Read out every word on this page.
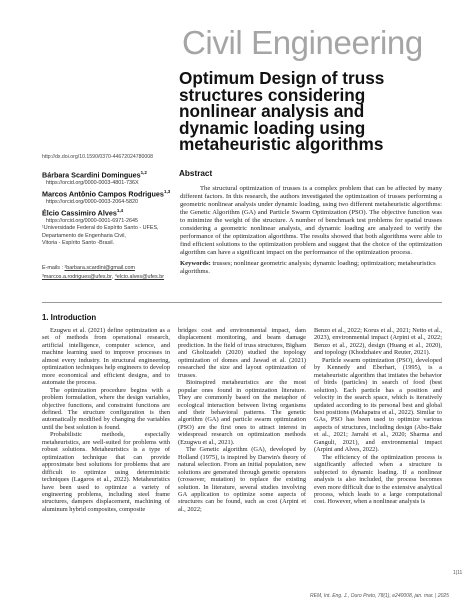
Civil Engineering
Optimum Design of truss structures considering nonlinear analysis and dynamic loading using metaheuristic algorithms
http://dx.doi.org/10.1590/0370-44672024780008
Bárbara Scardini Domingues$^{1,2}$
https://orcid.org/0000-0003-4801-736X
Marcos Antônio Campos Rodrigues$^{1,3}$
https://orcid.org/0000-0003-2064-5820
Élcio Cassimiro Alves$^{1,4}$
https://orcid.org/0000-0001-6971-2645
¹Universidade Federal do Espírito Santo - UFES,
Departamento de Engenharia Civil,
Vitoria - Espírito Santo -Brasil.
E-mails : ²barbara.scardini@gmail.com
³marcos.a.rodrigues@ufes.br, ⁴elcio.alves@ufes.br
Abstract
The structural optimization of trusses is a complex problem that can be affected by many different factors. In this research, the authors investigated the optimization of trusses performing a geometric nonlinear analysis under dynamic loading, using two different metaheuristic algorithms: the Genetic Algorithm (GA) and Particle Swarm Optimization (PSO). The objective function was to minimize the weight of the structure. A number of benchmark test problems for spatial trusses considering a geometric nonlinear analysis, and dynamic loading are analyzed to verify the performance of the optimization algorithms. The results showed that both algorithms were able to find efficient solutions to the optimization problem and suggest that the choice of the optimization algorithm can have a significant impact on the performance of the optimization process.
Keywords: trusses; nonlinear geometric analysis; dynamic loading; optimization; metaheuristics algorithms.
1. Introduction

Ezugwu et al. (2021) define optimization as a set of methods from operational research, artificial intelligence, computer science, and machine learning used to improve processes in almost every industry. In structural engineering, optimization techniques help engineers to develop more economical and efficient designs, and to automate the process.

The optimization procedure begins with a problem formulation, where the design variables, objective functions, and constraint functions are defined. The structure configuration is then automatically modified by changing the variables until the best solution is found.

Probabilistic methods, especially metaheuristics, are well-suited for problems with robust solutions. Metaheuristics is a type of optimization technique that can provide approximate best solutions for problems that are difficult to optimize using deterministic techniques (Lagaros et al., 2022). Metaheuristics have been used to optimize a variety of engineering problems, including steel frame structures, dampers displacement, machining of aluminum hybrid composites, composite

bridges cost and environmental impact, dam displacement monitoring, and beam damage prediction. In the field of truss structures, Bigham and Gholizadeh (2020) studied the topology optimization of domes and Jawad et al. (2021) researched the size and layout optimization of trusses.

Bioinspired metaheuristics are the most popular ones found in optimization literature. They are commonly based on the metaphor of ecological interaction between living organisms and their behavioral patterns. The genetic algorithm (GA) and particle swarm optimization (PSO) are the first ones to attract interest in widespread research on optimization methods (Ezugwu et al., 2021).

The Genetic algorithm (GA), developed by Holland (1975), is inspired by Darwin's theory of natural selection. From an initial population, new solutions are generated through genetic operators (crossover, mutation) to replace the existing solution. In literature, several studies involving GA application to optimize some aspects of structures can be found, such as cost (Arpini et al., 2022;

Benzo et al., 2022; Korus et al., 2021; Netto et al., 2023), environmental impact (Arpini et al., 2022; Benzo et al., 2022), design (Huang et al., 2020), and topology (Khodzhaiev and Reuter, 2021).

Particle swarm optimization (PSO), developed by Kennedy and Eberhart, (1995), is a metaheuristic algorithm that imitates the behavior of birds (particles) in search of food (best solution). Each particle has a position and velocity in the search space, which is iteratively updated according to its personal best and global best positions (Mahapatra et al., 2022). Similar to GAs, PSO has been used to optimize various aspects of structures, including design (Abo-Bakr et al., 2021; Jarrahi et al., 2020; Sharma and Ganguli, 2021), and environmental impact (Arpini and Alves, 2022).

The efficiency of the optimization process is significantly affected when a structure is subjected to dynamic loading. If a nonlinear analysis is also included, the process becomes even more difficult due to the extensive analytical process, which leads to a large computational cost. However, when a nonlinear analysis is

1|11
REM, Int. Eng. J., Ouro Preto, 78(1), e240008, jan. mar. | 2025
